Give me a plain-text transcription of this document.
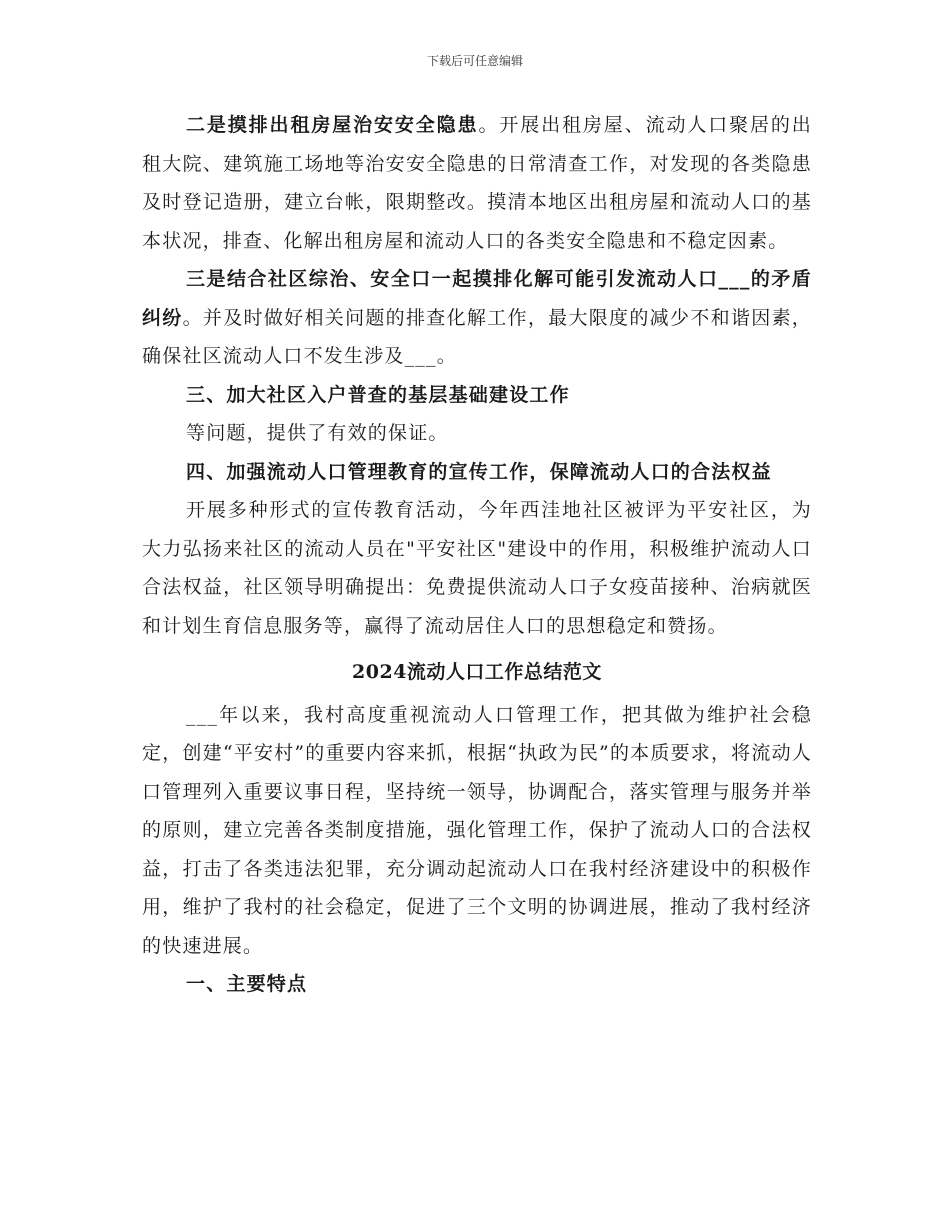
下载后可任意编辑

二是摸排出租房屋治安安全隐患。开展出租房屋、流动人口聚居的出租大院、建筑施工场地等治安安全隐患的日常清查工作，对发现的各类隐患及时登记造册，建立台帐，限期整改。摸清本地区出租房屋和流动人口的基本状况，排查、化解出租房屋和流动人口的各类安全隐患和不稳定因素。

三是结合社区综治、安全口一起摸排化解可能引发流动人口___的矛盾纠纷。并及时做好相关问题的排查化解工作，最大限度的减少不和谐因素，确保社区流动人口不发生涉及___。

三、加大社区入户普查的基层基础建设工作

等问题，提供了有效的保证。

四、加强流动人口管理教育的宣传工作，保障流动人口的合法权益

开展多种形式的宣传教育活动，今年西洼地社区被评为平安社区，为大力弘扬来社区的流动人员在"平安社区"建设中的作用，积极维护流动人口合法权益，社区领导明确提出：免费提供流动人口子女疫苗接种、治病就医和计划生育信息服务等，赢得了流动居住人口的思想稳定和赞扬。

2024流动人口工作总结范文

___年以来，我村高度重视流动人口管理工作，把其做为维护社会稳定，创建“平安村”的重要内容来抓，根据“执政为民”的本质要求，将流动人口管理列入重要议事日程，坚持统一领导，协调配合，落实管理与服务并举的原则，建立完善各类制度措施，强化管理工作，保护了流动人口的合法权益，打击了各类违法犯罪，充分调动起流动人口在我村经济建设中的积极作用，维护了我村的社会稳定，促进了三个文明的协调进展，推动了我村经济的快速进展。

一、主要特点
